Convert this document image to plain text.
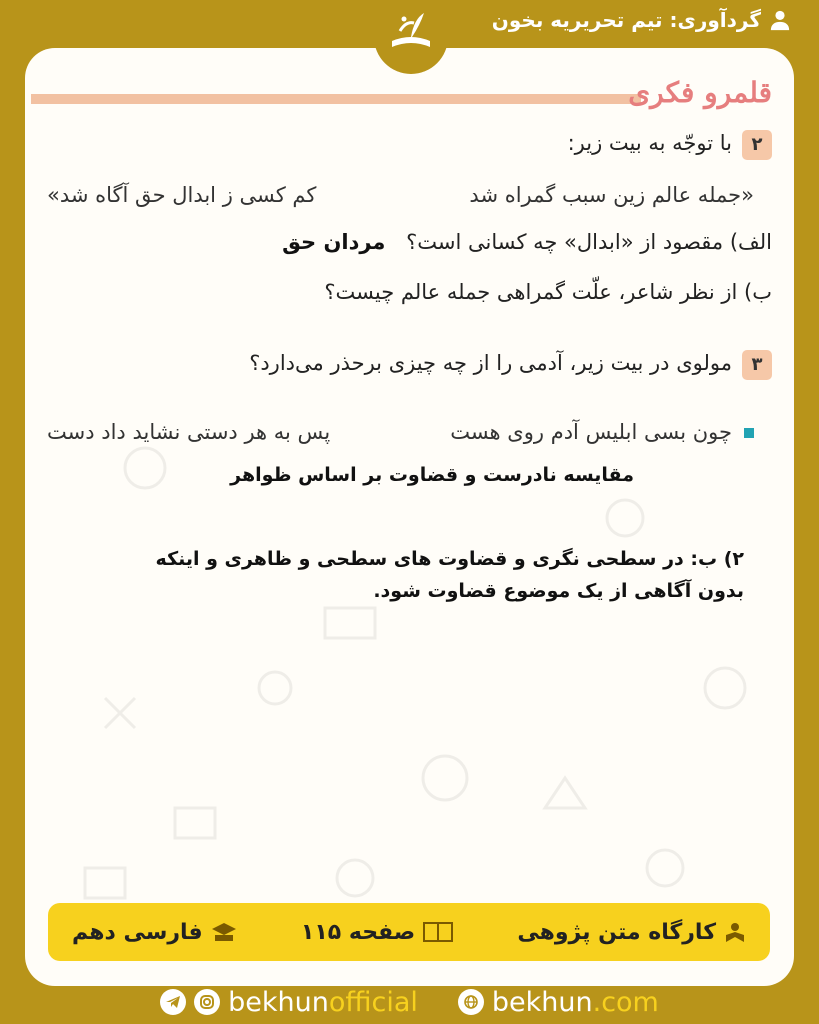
گردآوری: تیم تحریریه بخون
قلمرو فکری
۲با توجّه به بیت زیر:
«جمله عالم زین سبب گمراه شد
کم کسی ز ابدال حق آگاه شد»
الف) مقصود از «ابدال» چه کسانی است؟ مردان حق
ب) از نظر شاعر، علّت گمراهی جمله عالم چیست؟
۳مولوی در بیت زیر، آدمی را از چه چیزی برحذر می‌دارد؟
چون بسی ابلیس آدم روی هست
پس به هر دستی نشاید داد دست
مقایسه نادرست و قضاوت بر اساس ظواهر
۲) ب: در سطحی نگری و قضاوت های سطحی و ظاهری و اینکه
بدون آگاهی از یک موضوع قضاوت شود.
کارگاه متن پژوهی
صفحه ۱۱۵
فارسی دهم
bekhunofficial	bekhun.com
